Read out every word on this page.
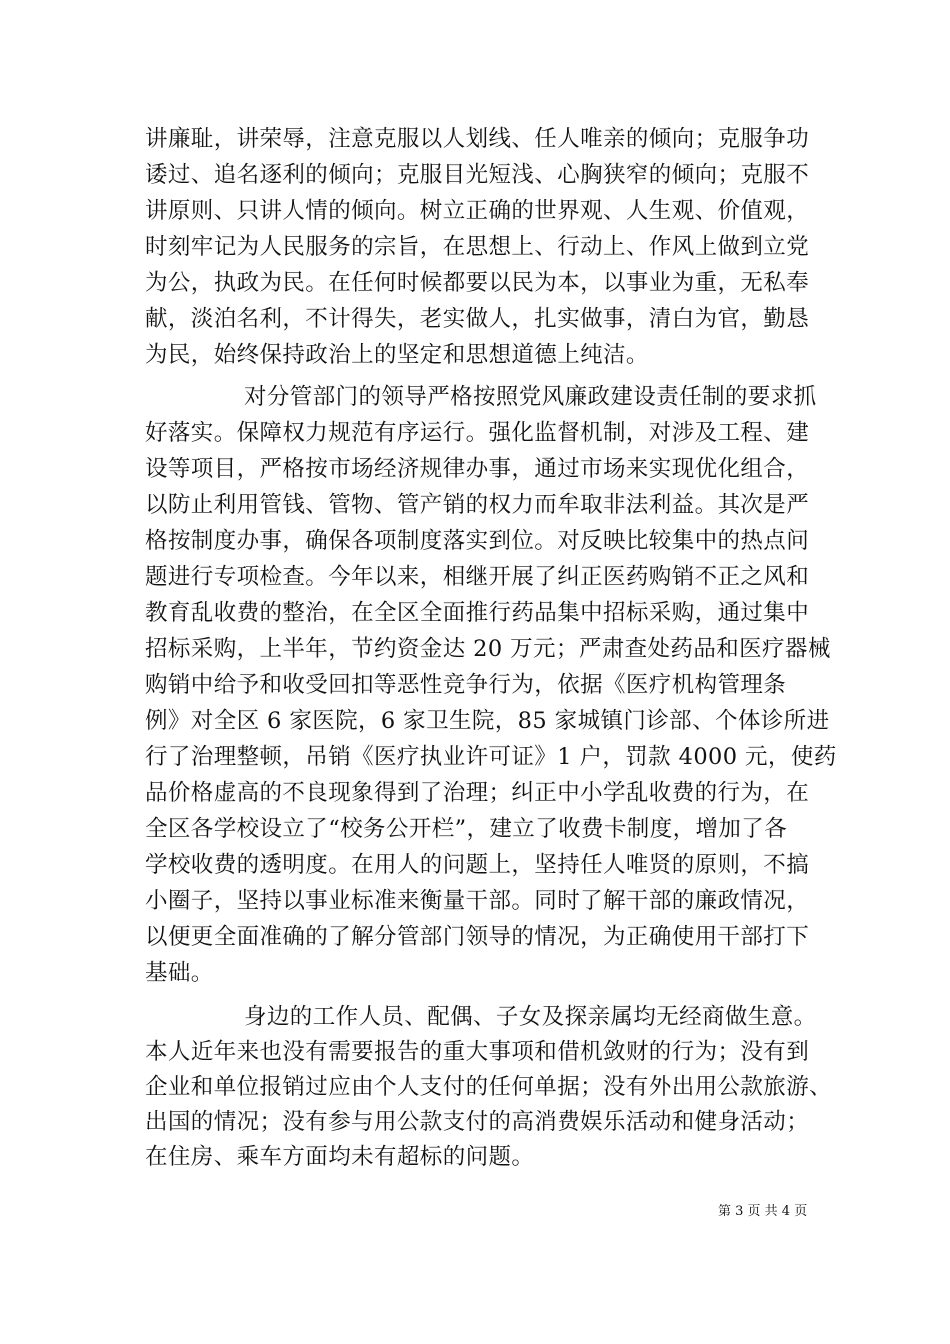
讲廉耻，讲荣辱，注意克服以人划线、任人唯亲的倾向；克服争功
诿过、追名逐利的倾向；克服目光短浅、心胸狭窄的倾向；克服不
讲原则、只讲人情的倾向。树立正确的世界观、人生观、价值观，
时刻牢记为人民服务的宗旨，在思想上、行动上、作风上做到立党
为公，执政为民。在任何时候都要以民为本，以事业为重，无私奉
献，淡泊名利，不计得失，老实做人，扎实做事，清白为官，勤恳
为民，始终保持政治上的坚定和思想道德上纯洁。
对分管部门的领导严格按照党风廉政建设责任制的要求抓
好落实。保障权力规范有序运行。强化监督机制，对涉及工程、建
设等项目，严格按市场经济规律办事，通过市场来实现优化组合，
以防止利用管钱、管物、管产销的权力而牟取非法利益。其次是严
格按制度办事，确保各项制度落实到位。对反映比较集中的热点问
题进行专项检查。今年以来，相继开展了纠正医药购销不正之风和
教育乱收费的整治，在全区全面推行药品集中招标采购，通过集中
招标采购，上半年，节约资金达 20 万元；严肃查处药品和医疗器械
购销中给予和收受回扣等恶性竞争行为，依据《医疗机构管理条
例》对全区 6 家医院，6 家卫生院，85 家城镇门诊部、个体诊所进
行了治理整顿，吊销《医疗执业许可证》1 户，罚款 4000 元，使药
品价格虚高的不良现象得到了治理；纠正中小学乱收费的行为，在
全区各学校设立了“校务公开栏”，建立了收费卡制度，增加了各
学校收费的透明度。在用人的问题上，坚持任人唯贤的原则，不搞
小圈子，坚持以事业标准来衡量干部。同时了解干部的廉政情况，
以便更全面准确的了解分管部门领导的情况，为正确使用干部打下
基础。
身边的工作人员、配偶、子女及探亲属均无经商做生意。
本人近年来也没有需要报告的重大事项和借机敛财的行为；没有到
企业和单位报销过应由个人支付的任何单据；没有外出用公款旅游、
出国的情况；没有参与用公款支付的高消费娱乐活动和健身活动；
在住房、乘车方面均未有超标的问题。
第 3 页 共 4 页
